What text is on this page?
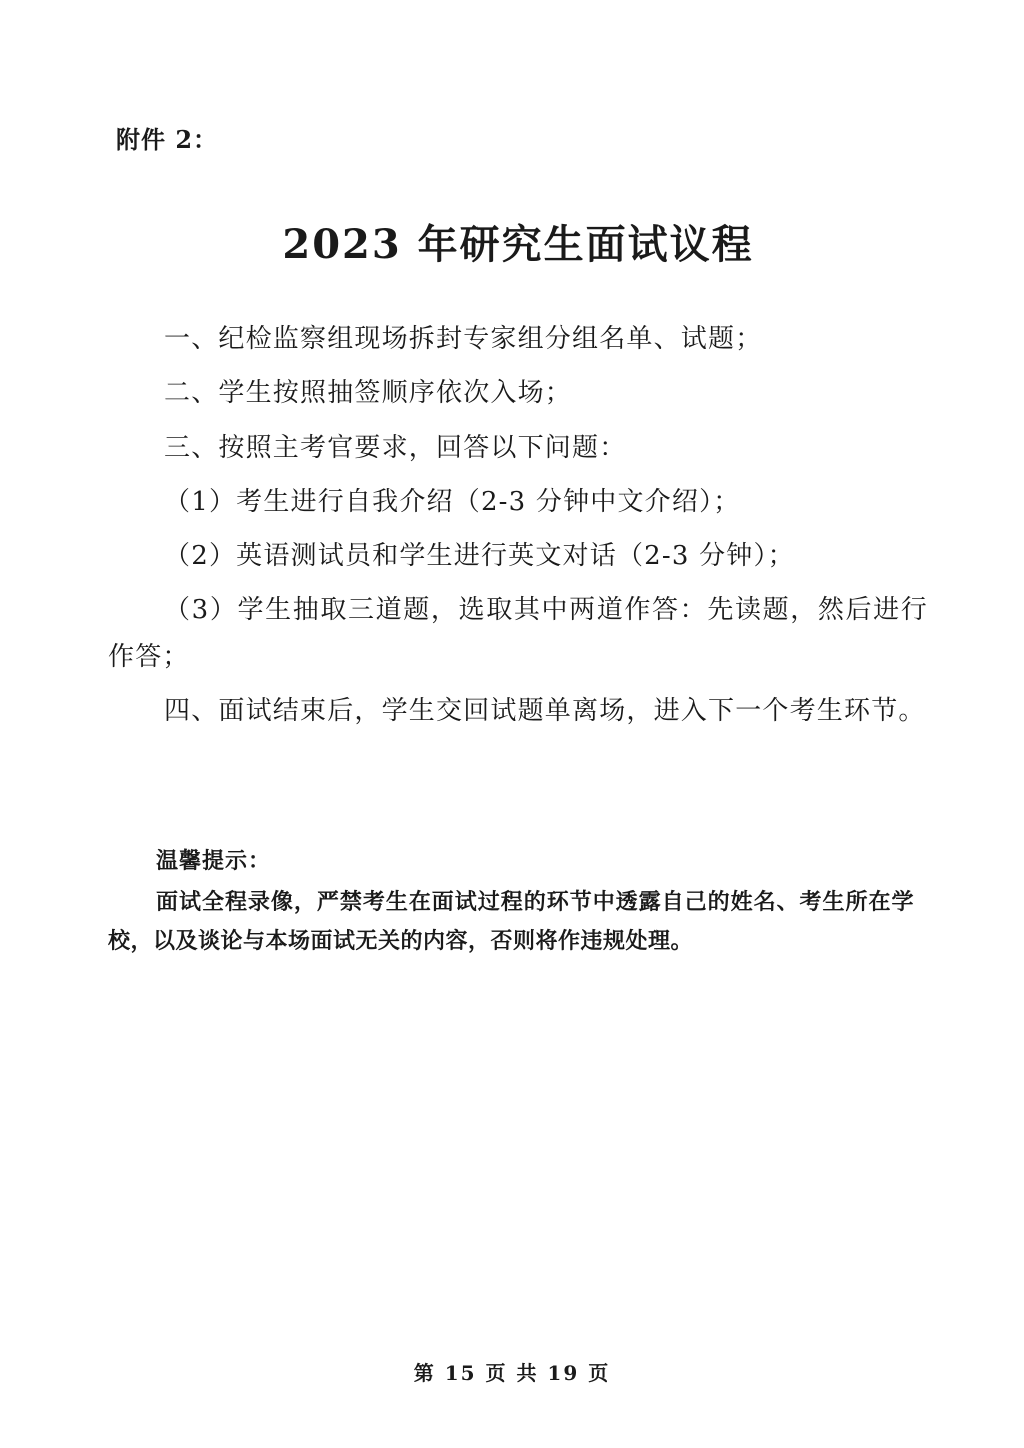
附件 2：
2023 年研究生面试议程
一、纪检监察组现场拆封专家组分组名单、试题；
二、学生按照抽签顺序依次入场；
三、按照主考官要求，回答以下问题：
（1）考生进行自我介绍（2-3 分钟中文介绍）；
（2）英语测试员和学生进行英文对话（2-3 分钟）；
（3）学生抽取三道题，选取其中两道作答：先读题，然后进行作答；
四、面试结束后，学生交回试题单离场，进入下一个考生环节。
温馨提示：

面试全程录像，严禁考生在面试过程的环节中透露自己的姓名、考生所在学校，以及谈论与本场面试无关的内容，否则将作违规处理。

第 15 页 共 19 页
